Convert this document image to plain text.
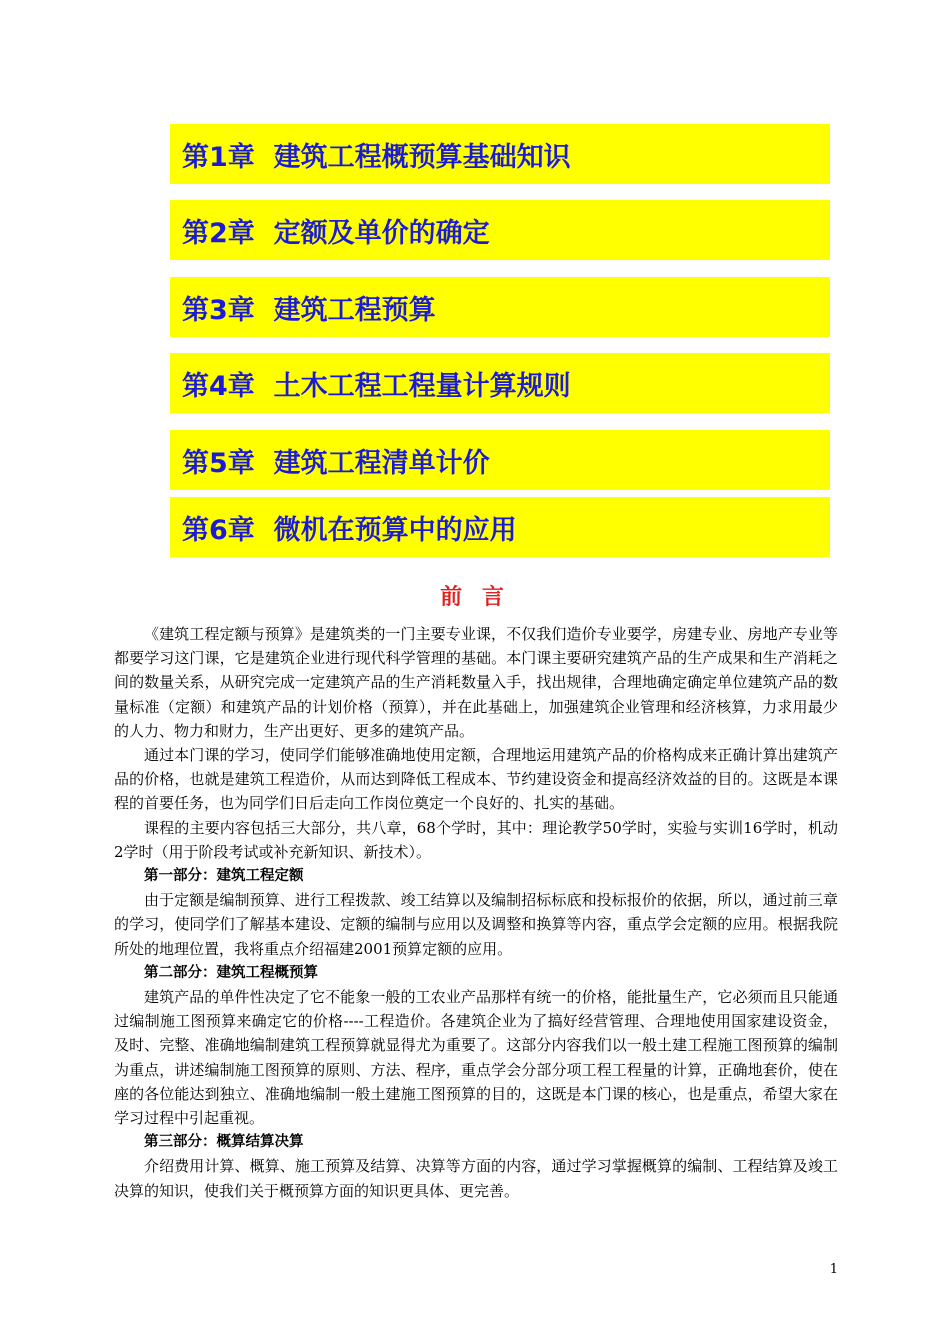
第1章
建筑工程概预算基础知识
第2章
定额及单价的确定
第3章
建筑工程预算
第4章
土木工程工程量计算规则
第5章
建筑工程清单计价
第6章
微机在预算中的应用
前 言

《建筑工程定额与预算》是建筑类的一门主要专业课，不仅我们造价专业要学，房建专业、房地产专业等都要学习这门课，它是建筑企业进行现代科学管理的基础。本门课主要研究建筑产品的生产成果和生产消耗之间的数量关系，从研究完成一定建筑产品的生产消耗数量入手，找出规律，合理地确定确定单位建筑产品的数量标准（定额）和建筑产品的计划价格（预算），并在此基础上，加强建筑企业管理和经济核算，力求用最少的人力、物力和财力，生产出更好、更多的建筑产品。

通过本门课的学习，使同学们能够准确地使用定额，合理地运用建筑产品的价格构成来正确计算出建筑产品的价格，也就是建筑工程造价，从而达到降低工程成本、节约建设资金和提高经济效益的目的。这既是本课程的首要任务，也为同学们日后走向工作岗位奠定一个良好的、扎实的基础。

课程的主要内容包括三大部分，共八章，68个学时，其中：理论教学50学时，实验与实训16学时，机动2学时（用于阶段考试或补充新知识、新技术）。

第一部分：建筑工程定额

由于定额是编制预算、进行工程拨款、竣工结算以及编制招标标底和投标报价的依据，所以，通过前三章的学习，使同学们了解基本建设、定额的编制与应用以及调整和换算等内容，重点学会定额的应用。根据我院所处的地理位置，我将重点介绍福建2001预算定额的应用。

第二部分：建筑工程概预算

建筑产品的单件性决定了它不能象一般的工农业产品那样有统一的价格，能批量生产，它必须而且只能通过编制施工图预算来确定它的价格----工程造价。各建筑企业为了搞好经营管理、合理地使用国家建设资金，及时、完整、准确地编制建筑工程预算就显得尤为重要了。这部分内容我们以一般土建工程施工图预算的编制为重点，讲述编制施工图预算的原则、方法、程序，重点学会分部分项工程工程量的计算，正确地套价，使在座的各位能达到独立、准确地编制一般土建施工图预算的目的，这既是本门课的核心，也是重点，希望大家在学习过程中引起重视。

第三部分：概算结算决算

介绍费用计算、概算、施工预算及结算、决算等方面的内容，通过学习掌握概算的编制、工程结算及竣工决算的知识，使我们关于概预算方面的知识更具体、更完善。

1
